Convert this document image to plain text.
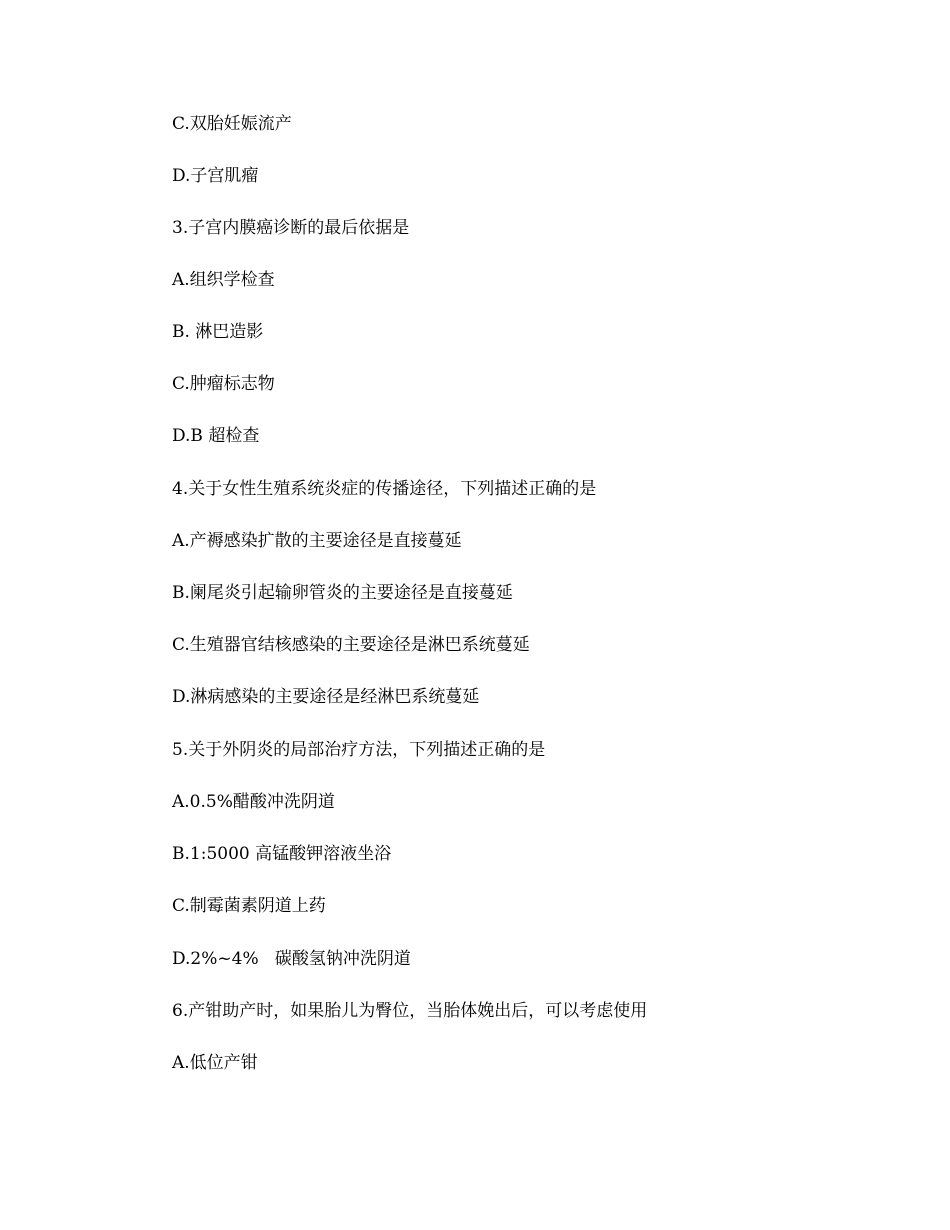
C.双胎妊娠流产
D.子宫肌瘤
3.子宫内膜癌诊断的最后依据是
A.组织学检查
B. 淋巴造影
C.肿瘤标志物
D.B 超检查
4.关于女性生殖系统炎症的传播途径，下列描述正确的是
A.产褥感染扩散的主要途径是直接蔓延
B.阑尾炎引起输卵管炎的主要途径是直接蔓延
C.生殖器官结核感染的主要途径是淋巴系统蔓延
D.淋病感染的主要途径是经淋巴系统蔓延
5.关于外阴炎的局部治疗方法，下列描述正确的是
A.0.5%醋酸冲洗阴道
B.1:5000 高锰酸钾溶液坐浴
C.制霉菌素阴道上药
D.2%~4%   碳酸氢钠冲洗阴道
6.产钳助产时，如果胎儿为臀位，当胎体娩出后，可以考虑使用
A.低位产钳
